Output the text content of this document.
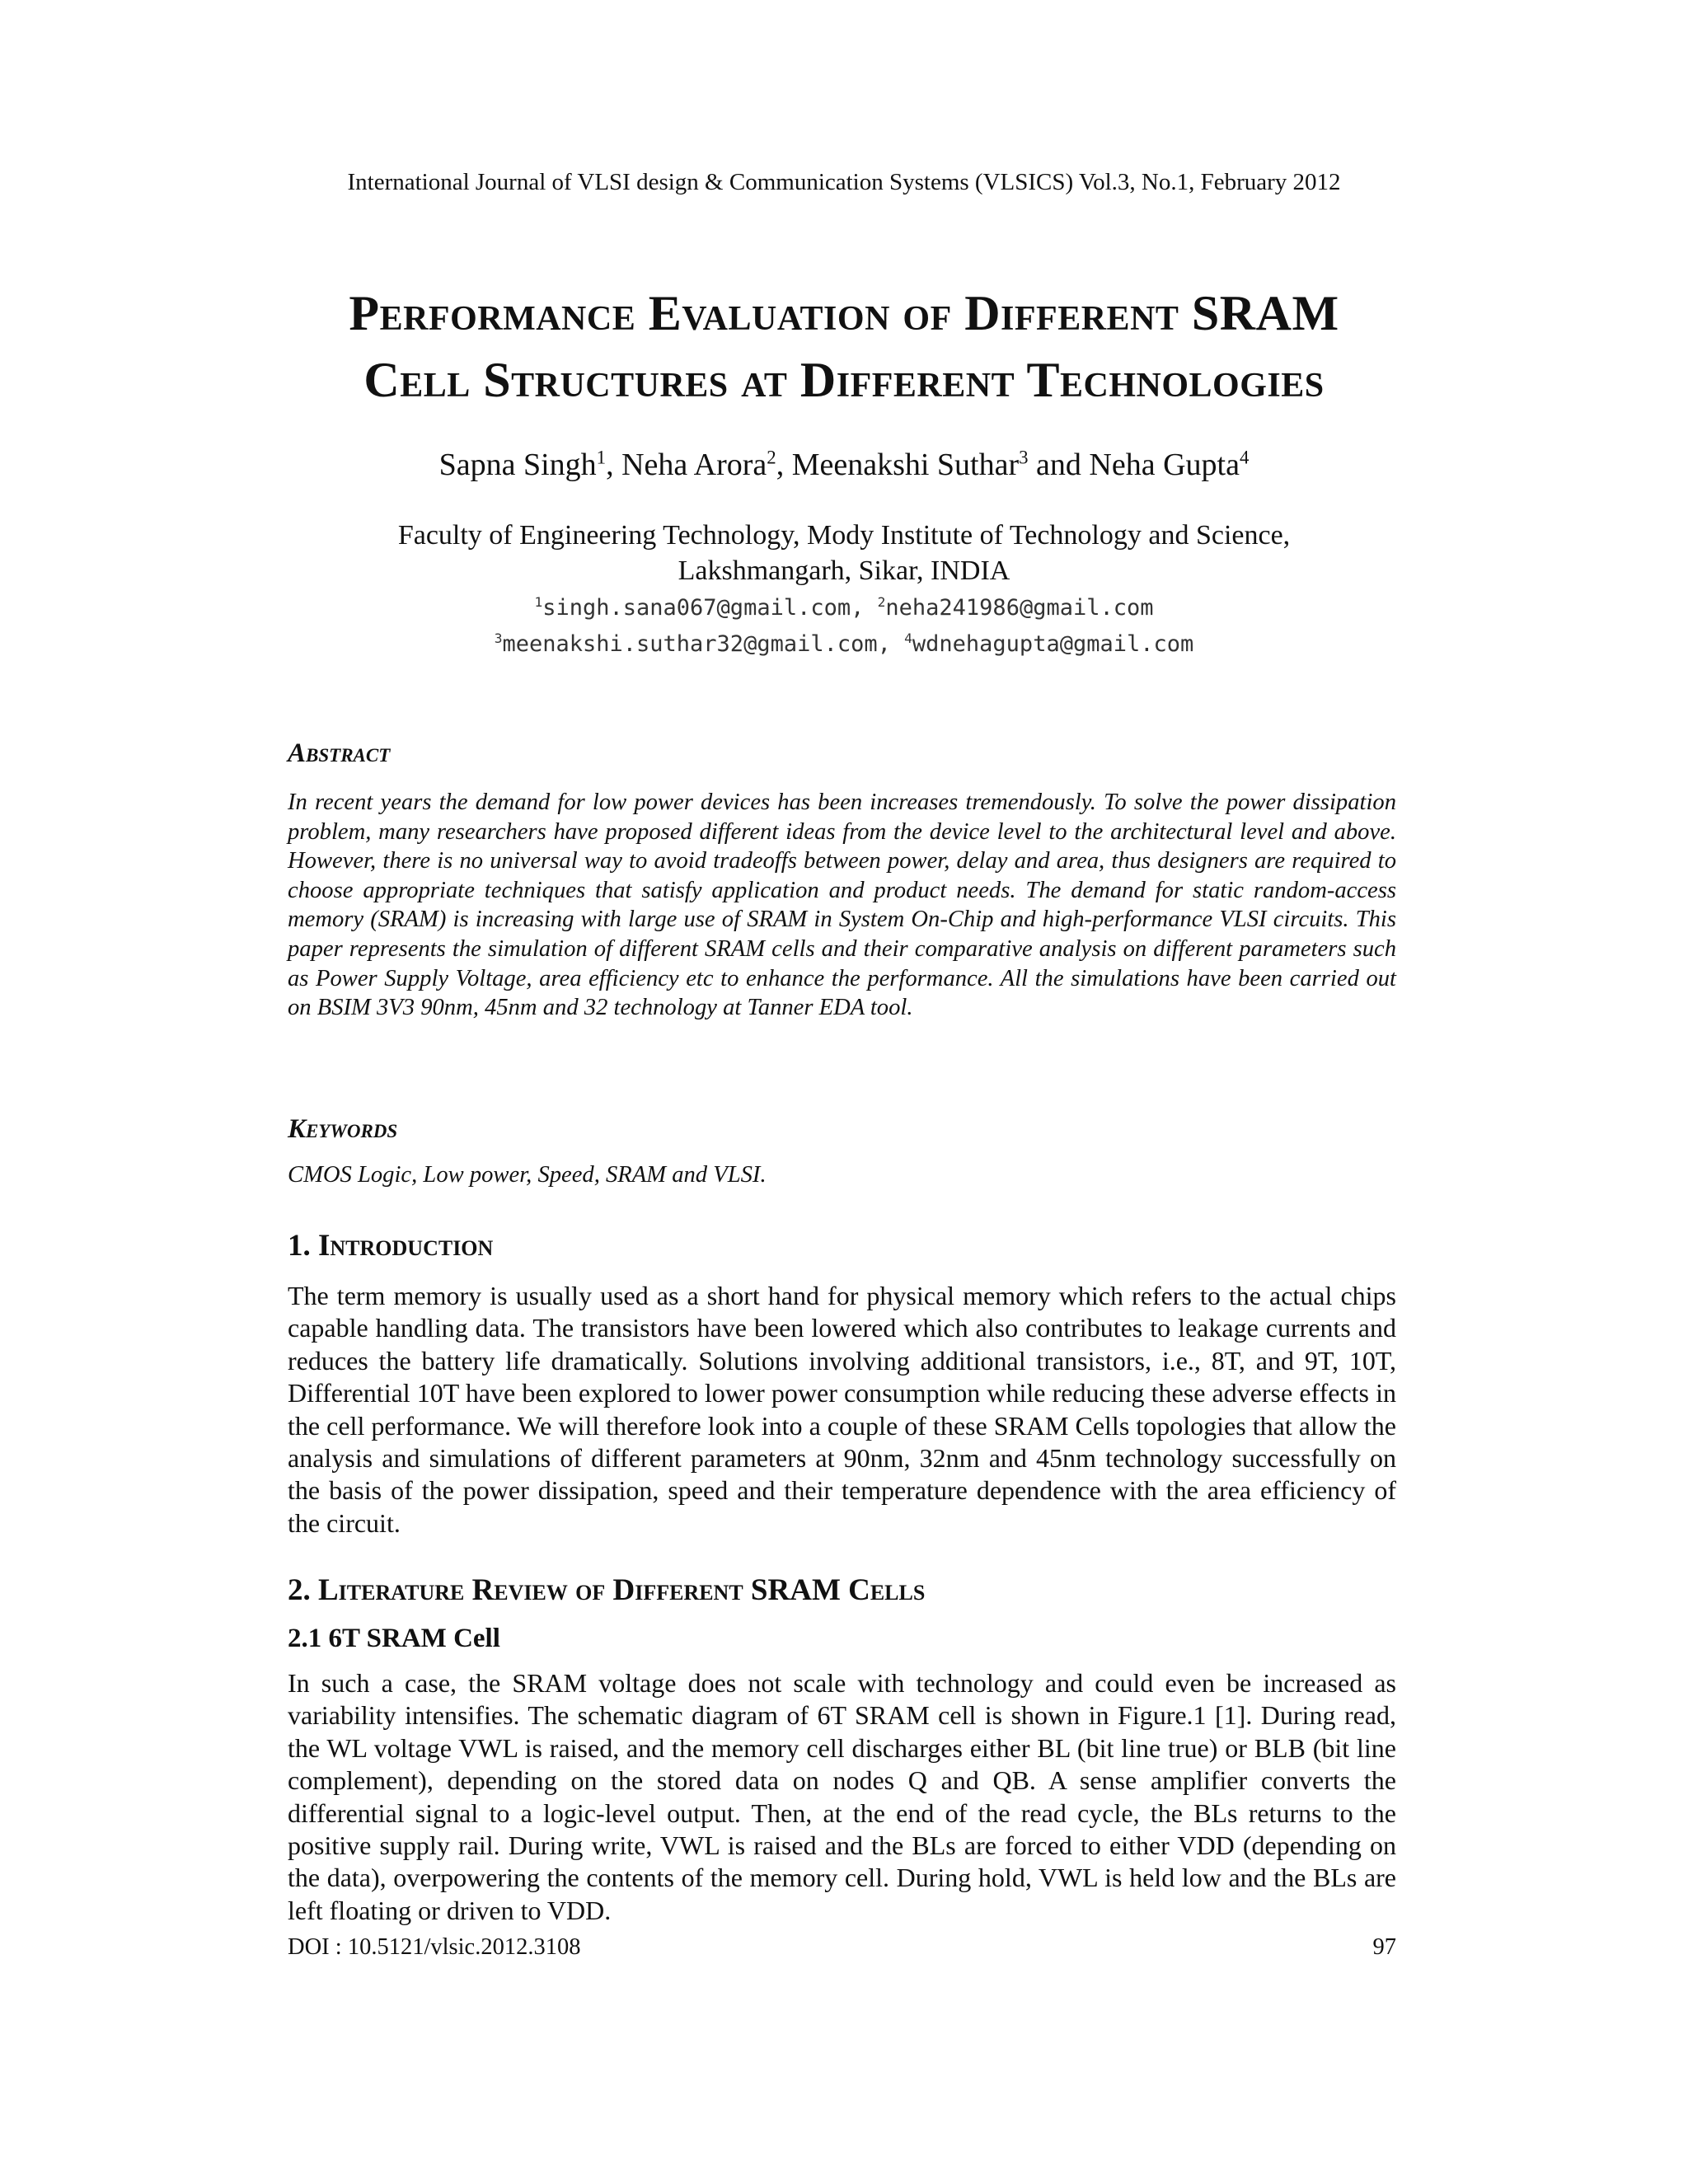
International Journal of VLSI design & Communication Systems (VLSICS) Vol.3, No.1, February 2012
Performance Evaluation of Different SRAM
Cell Structures at Different Technologies
Sapna Singh$^1$, Neha Arora$^2$, Meenakshi Suthar$^3$ and Neha Gupta$^4$
Faculty of Engineering Technology, Mody Institute of Technology and Science,
Lakshmangarh, Sikar, INDIA
$^1$singh.sana067@gmail.com, $^2$neha241986@gmail.com
$^3$meenakshi.suthar32@gmail.com, $^4$wdnehagupta@gmail.com
Abstract
In recent years the demand for low power devices has been increases tremendously. To solve the power dissipation problem, many researchers have proposed different ideas from the device level to the architectural level and above. However, there is no universal way to avoid tradeoffs between power, delay and area, thus designers are required to choose appropriate techniques that satisfy application and product needs. The demand for static random-access memory (SRAM) is increasing with large use of SRAM in System On-Chip and high-performance VLSI circuits. This paper represents the simulation of different SRAM cells and their comparative analysis on different parameters such as Power Supply Voltage, area efficiency etc to enhance the performance. All the simulations have been carried out on BSIM 3V3 90nm, 45nm and 32 technology at Tanner EDA tool.
Keywords
CMOS Logic, Low power, Speed, SRAM and VLSI.
1. Introduction
The term memory is usually used as a short hand for physical memory which refers to the actual chips capable handling data. The transistors have been lowered which also contributes to leakage currents and reduces the battery life dramatically. Solutions involving additional transistors, i.e., 8T, and 9T, 10T, Differential 10T have been explored to lower power consumption while reducing these adverse effects in the cell performance. We will therefore look into a couple of these SRAM Cells topologies that allow the analysis and simulations of different parameters at 90nm, 32nm and 45nm technology successfully on the basis of the power dissipation, speed and their temperature dependence with the area efficiency of the circuit.
2. Literature Review of Different SRAM Cells
2.1 6T SRAM Cell
In such a case, the SRAM voltage does not scale with technology and could even be increased as variability intensifies. The schematic diagram of 6T SRAM cell is shown in Figure.1 [1]. During read, the WL voltage VWL is raised, and the memory cell discharges either BL (bit line true) or BLB (bit line complement), depending on the stored data on nodes Q and QB. A sense amplifier converts the differential signal to a logic-level output. Then, at the end of the read cycle, the BLs returns to the positive supply rail. During write, VWL is raised and the BLs are forced to either VDD (depending on the data), overpowering the contents of the memory cell. During hold, VWL is held low and the BLs are left floating or driven to VDD.
DOI : 10.5121/vlsic.2012.3108	97
